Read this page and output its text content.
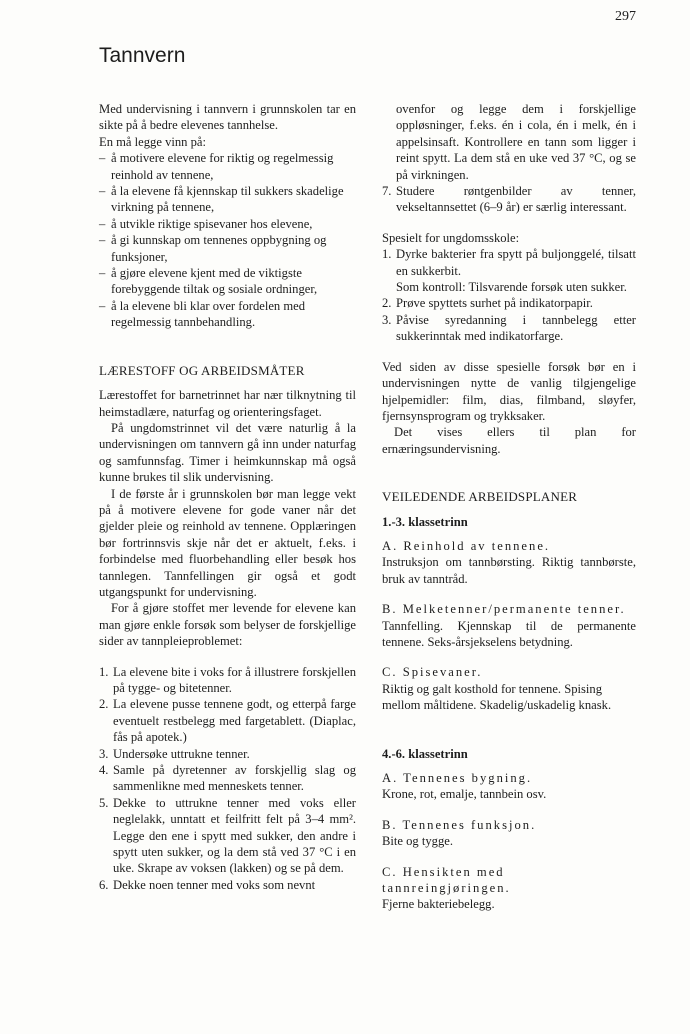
297
Tannvern

Med undervisning i tannvern i grunnskolen tar en sikte på å bedre elevenes tannhelse.

En må legge vinn på:

– å motivere elevene for riktig og regelmessig reinhold av tennene,
– å la elevene få kjennskap til sukkers skadelige virkning på tennene,
– å utvikle riktige spisevaner hos elevene,
– å gi kunnskap om tennenes oppbygning og funksjoner,
– å gjøre elevene kjent med de viktigste forebyggende tiltak og sosiale ordninger,
– å la elevene bli klar over fordelen med regelmessig tannbehandling.

LÆRESTOFF OG ARBEIDSMÅTER

Lærestoffet for barnetrinnet har nær tilknytning til heimstadlære, naturfag og orienteringsfaget.

På ungdomstrinnet vil det være naturlig å la undervisningen om tannvern gå inn under naturfag og samfunnsfag. Timer i heimkunnskap må også kunne brukes til slik undervisning.

I de første år i grunnskolen bør man legge vekt på å motivere elevene for gode vaner når det gjelder pleie og reinhold av tennene. Opplæringen bør fortrinnsvis skje når det er aktuelt, f.eks. i forbindelse med fluorbehandling eller besøk hos tannlegen. Tannfellingen gir også et godt utgangspunkt for undervisning.

For å gjøre stoffet mer levende for elevene kan man gjøre enkle forsøk som belyser de forskjellige sider av tannpleieproblemet:

1. La elevene bite i voks for å illustrere forskjellen på tygge- og bitetenner.
2. La elevene pusse tennene godt, og etterpå farge eventuelt restbelegg med fargetablett. (Diaplac, fås på apotek.)
3. Undersøke uttrukne tenner.
4. Samle på dyretenner av forskjellig slag og sammenlikne med menneskets tenner.
5. Dekke to uttrukne tenner med voks eller neglelakk, unntatt et feilfritt felt på 3–4 mm². Legge den ene i spytt med sukker, den andre i spytt uten sukker, og la dem stå ved 37 °C i en uke. Skrape av voksen (lakken) og se på dem.
6. Dekke noen tenner med voks som nevnt

ovenfor og legge dem i forskjellige oppløsninger, f.eks. én i cola, én i melk, én i appelsinsaft. Kontrollere en tann som ligger i reint spytt. La dem stå en uke ved 37 °C, og se på virkningen.

7. Studere røntgenbilder av tenner, vekseltannsettet (6–9 år) er særlig interessant.

Spesielt for ungdomsskole:

1. Dyrke bakterier fra spytt på buljonggelé, tilsatt en sukkerbit.
Som kontroll: Tilsvarende forsøk uten sukker.
2. Prøve spyttets surhet på indikatorpapir.
3. Påvise syredanning i tannbelegg etter sukkerinntak med indikatorfarge.

Ved siden av disse spesielle forsøk bør en i undervisningen nytte de vanlig tilgjengelige hjelpemidler: film, dias, filmband, sløyfer, fjernsynsprogram og trykksaker.

Det vises ellers til plan for ernæringsundervisning.

VEILEDENDE ARBEIDSPLANER

1.-3. klassetrinn

A. Reinhold av tennene.

Instruksjon om tannbørsting. Riktig tannbørste, bruk av tanntråd.

B. Melketenner/permanente tenner.

Tannfelling. Kjennskap til de permanente tennene. Seks-årsjekselens betydning.

C. Spisevaner.

Riktig og galt kosthold for tennene. Spising mellom måltidene. Skadelig/uskadelig knask.

4.-6. klassetrinn

A. Tennenes bygning.

Krone, rot, emalje, tannbein osv.

B. Tennenes funksjon.

Bite og tygge.

C. Hensikten med tannreingjøringen.

Fjerne bakteriebelegg.
